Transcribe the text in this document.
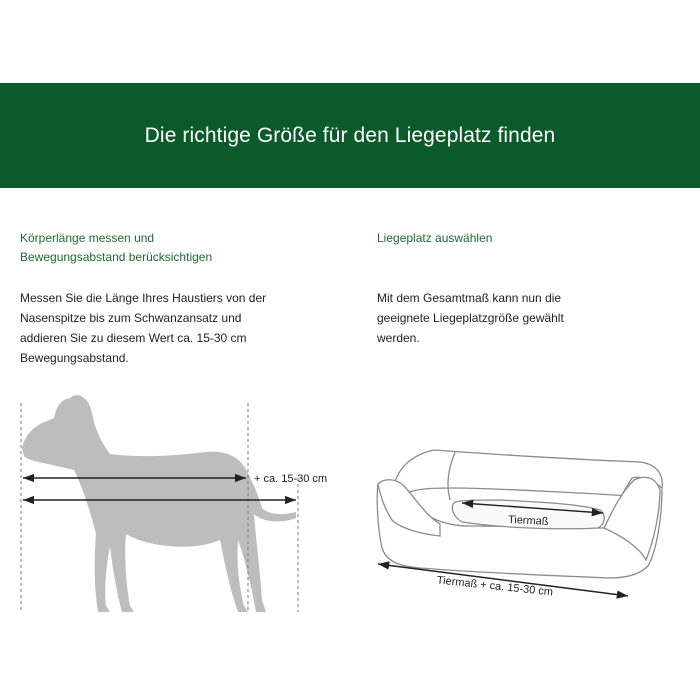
Die richtige Größe für den Liegeplatz finden
Körperlänge messen und
Bewegungsabstand berücksichtigen
Liegeplatz auswählen

Messen Sie die Länge Ihres Haustiers von der
Nasenspitze bis zum Schwanzansatz und
addieren Sie zu diesem Wert ca. 15-30 cm
Bewegungsabstand.

Mit dem Gesamtmaß kann nun die
geeignete Liegeplatzgröße gewählt
werden.

+ ca. 15-30 cm
Tiermaß
Tiermaß + ca. 15-30 cm
